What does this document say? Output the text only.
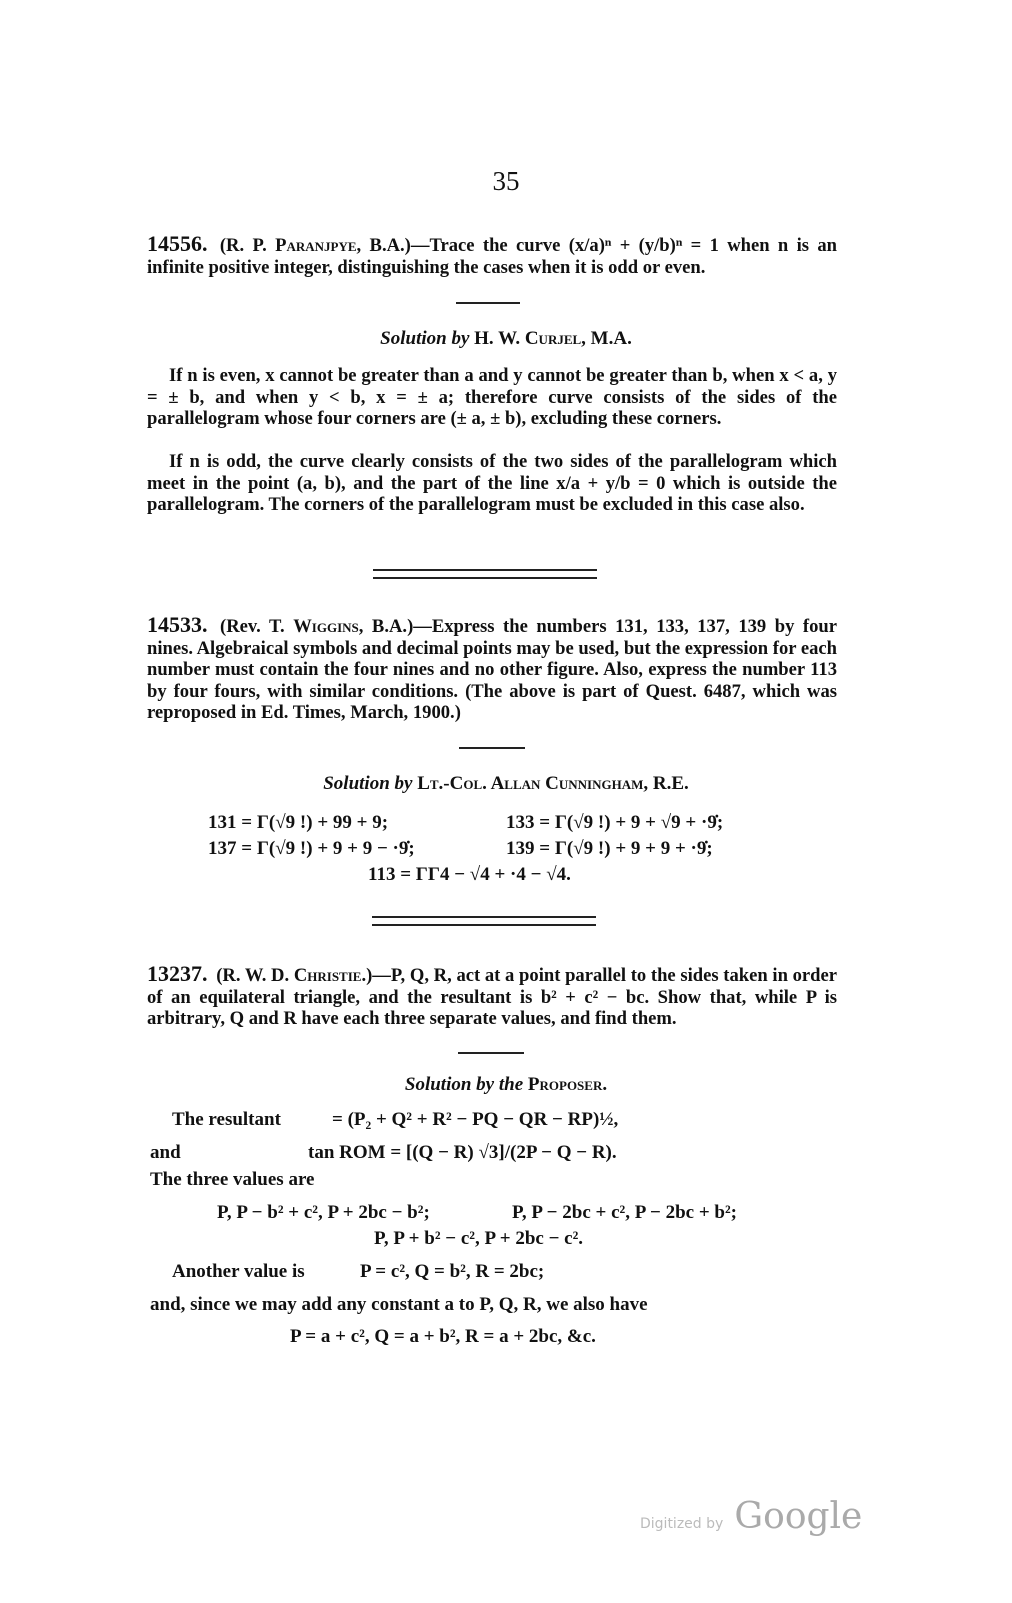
35
14556. (R. P. Paranjpye, B.A.)—Trace the curve (x/a)ⁿ + (y/b)ⁿ = 1 when n is an infinite positive integer, distinguishing the cases when it is odd or even.
Solution by H. W. Curjel, M.A.
If n is even, x cannot be greater than a and y cannot be greater than b, when x < a, y = ± b, and when y < b, x = ± a; therefore curve consists of the sides of the parallelogram whose four corners are (± a, ± b), excluding these corners.
If n is odd, the curve clearly consists of the two sides of the parallelogram which meet in the point (a, b), and the part of the line x/a + y/b = 0 which is outside the parallelogram. The corners of the parallelogram must be excluded in this case also.
14533. (Rev. T. Wiggins, B.A.)—Express the numbers 131, 133, 137, 139 by four nines. Algebraical symbols and decimal points may be used, but the expression for each number must contain the four nines and no other figure. Also, express the number 113 by four fours, with similar conditions. (The above is part of Quest. 6487, which was reproposed in Ed. Times, March, 1900.)
Solution by Lt.-Col. Allan Cunningham, R.E.
131 = Γ(√9 !) + 99 + 9;	133 = Γ(√9 !) + 9 + √9 + ·9̇;
137 = Γ(√9 !) + 9 + 9 − ·9̇;	139 = Γ(√9 !) + 9 + 9 + ·9̇;
113 = ΓΓ4 − √4 + ·4 − √4.
13237. (R. W. D. Christie.)—P, Q, R, act at a point parallel to the sides taken in order of an equilateral triangle, and the resultant is b² + c² − bc. Show that, while P is arbitrary, Q and R have each three separate values, and find them.
Solution by the Proposer.
The resultant	= (P₂ + Q² + R² − PQ − QR − RP)½,
and	tan ROM = [(Q − R) √3]/(2P − Q − R).
The three values are
P, P − b² + c², P + 2bc − b²;	P, P − 2bc + c², P − 2bc + b²;
P, P + b² − c², P + 2bc − c².
Another value is	P = c², Q = b², R = 2bc;
and, since we may add any constant a to P, Q, R, we also have
P = a + c², Q = a + b², R = a + 2bc, &c.
Digitized by Google
